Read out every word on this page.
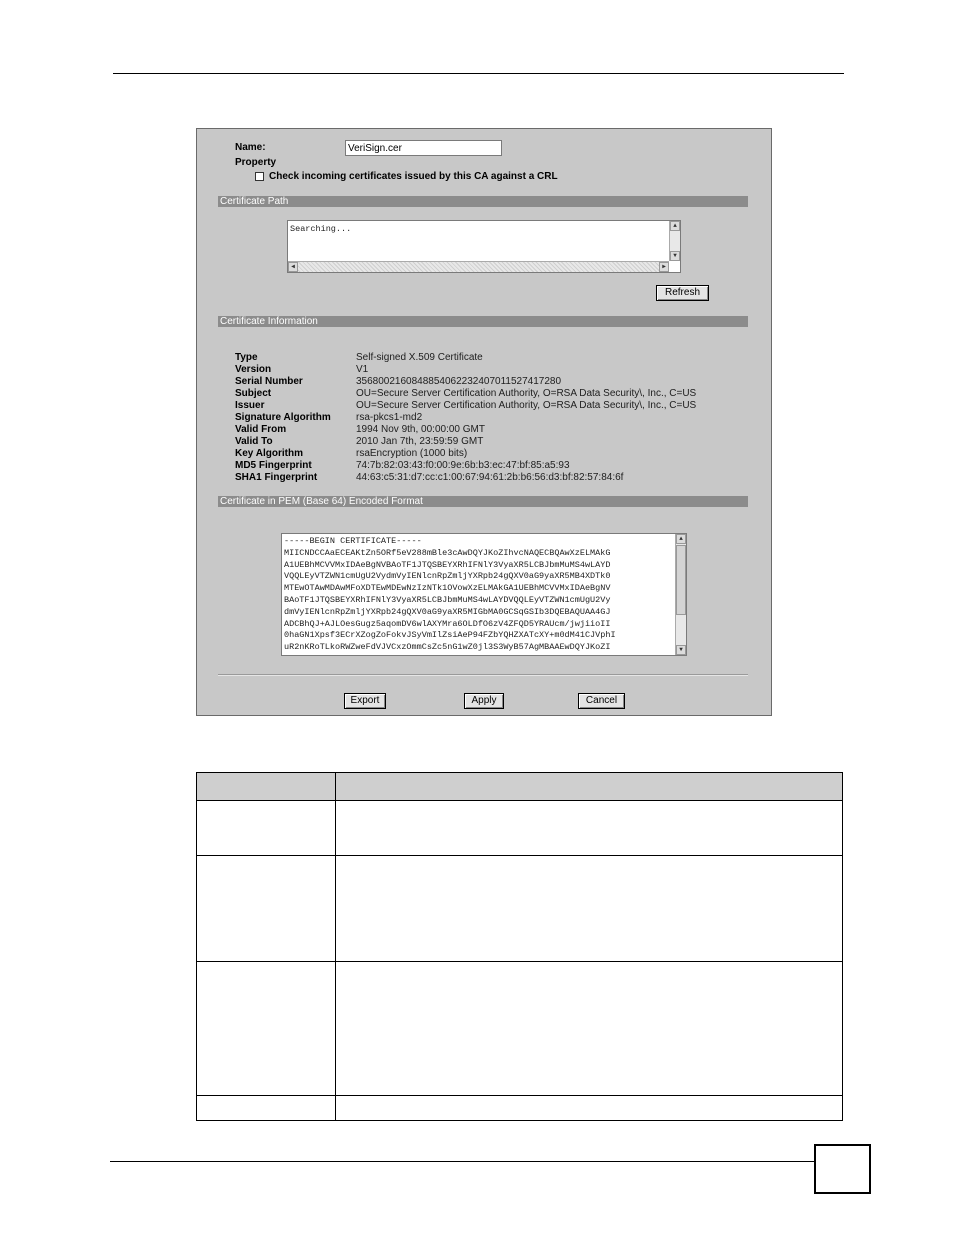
Name:
VeriSign.cer
Property
Check incoming certificates issued by this CA against a CRL
Certificate Path
Searching...	▲
▼
◀	▶
Refresh
Certificate Information
Type	Self-signed X.509 Certificate
Version	V1
Serial Number	35680021608488540622324070115274172​80
Subject	OU=Secure Server Certification Authority, O=RSA Data Security\, Inc., C=US
Issuer	OU=Secure Server Certification Authority, O=RSA Data Security\, Inc., C=US
Signature Algorithm	rsa-pkcs1-md2
Valid From	1994 Nov 9th, 00:00:00 GMT
Valid To	2010 Jan 7th, 23:59:59 GMT
Key Algorithm	rsaEncryption (1000 bits)
MD5 Fingerprint	74:7b:82:03:43:f0:00:9e:6b:b3:ec:47:bf:85:a5:93
SHA1 Fingerprint	44:63:c5:31:d7:cc:c1:00:67:94:61:2b:b6:56:d3:bf:82:57:84:6f
Certificate in PEM (Base 64) Encoded Format
-----BEGIN CERTIFICATE-----
MIICNDCCAaECEAKtZn5ORf5eV288mBle3cAwDQYJKoZIhvcNAQECBQAwXzELMAkG
A1UEBhMCVVMxIDAeBgNVBAoTF1JTQSBEYXRhIFNlY3VyaXR5LCBJbmMuMS4wLAYD
VQQLEyVTZWN1cmUgU2VydmVyIENlcnRpZmljYXRpb24gQXV0aG9yaXR5MB4XDTk0
MTEwOTAwMDAwMFoXDTEwMDEwNzIzNTk1OVowXzELMAkGA1UEBhMCVVMxIDAeBgNV
BAoTF1JTQSBEYXRhIFNlY3VyaXR5LCBJbmMuMS4wLAYDVQQLEyVTZWN1cmUgU2Vy
dmVyIENlcnRpZmljYXRpb24gQXV0aG9yaXR5MIGbMA0GCSqGSIb3DQEBAQUAA4GJ
ADCBhQJ+AJLOesGugz5aqomDV6wlAXYMra6OLDfO6zV4ZFQD5YRAUcm/jwjiioII
0haGN1Xpsf3ECrXZogZoFokvJSyVmIlZsiAeP94FZbYQHZXATcXY+m0dM41CJVphI
uR2nKRoTLkoRWZweFdVJVCxzOmmCsZc5nG1wZ0jl3S3WyB57AgMBAAEwDQYJKoZI
▲
▼
Export	Apply	Cancel
